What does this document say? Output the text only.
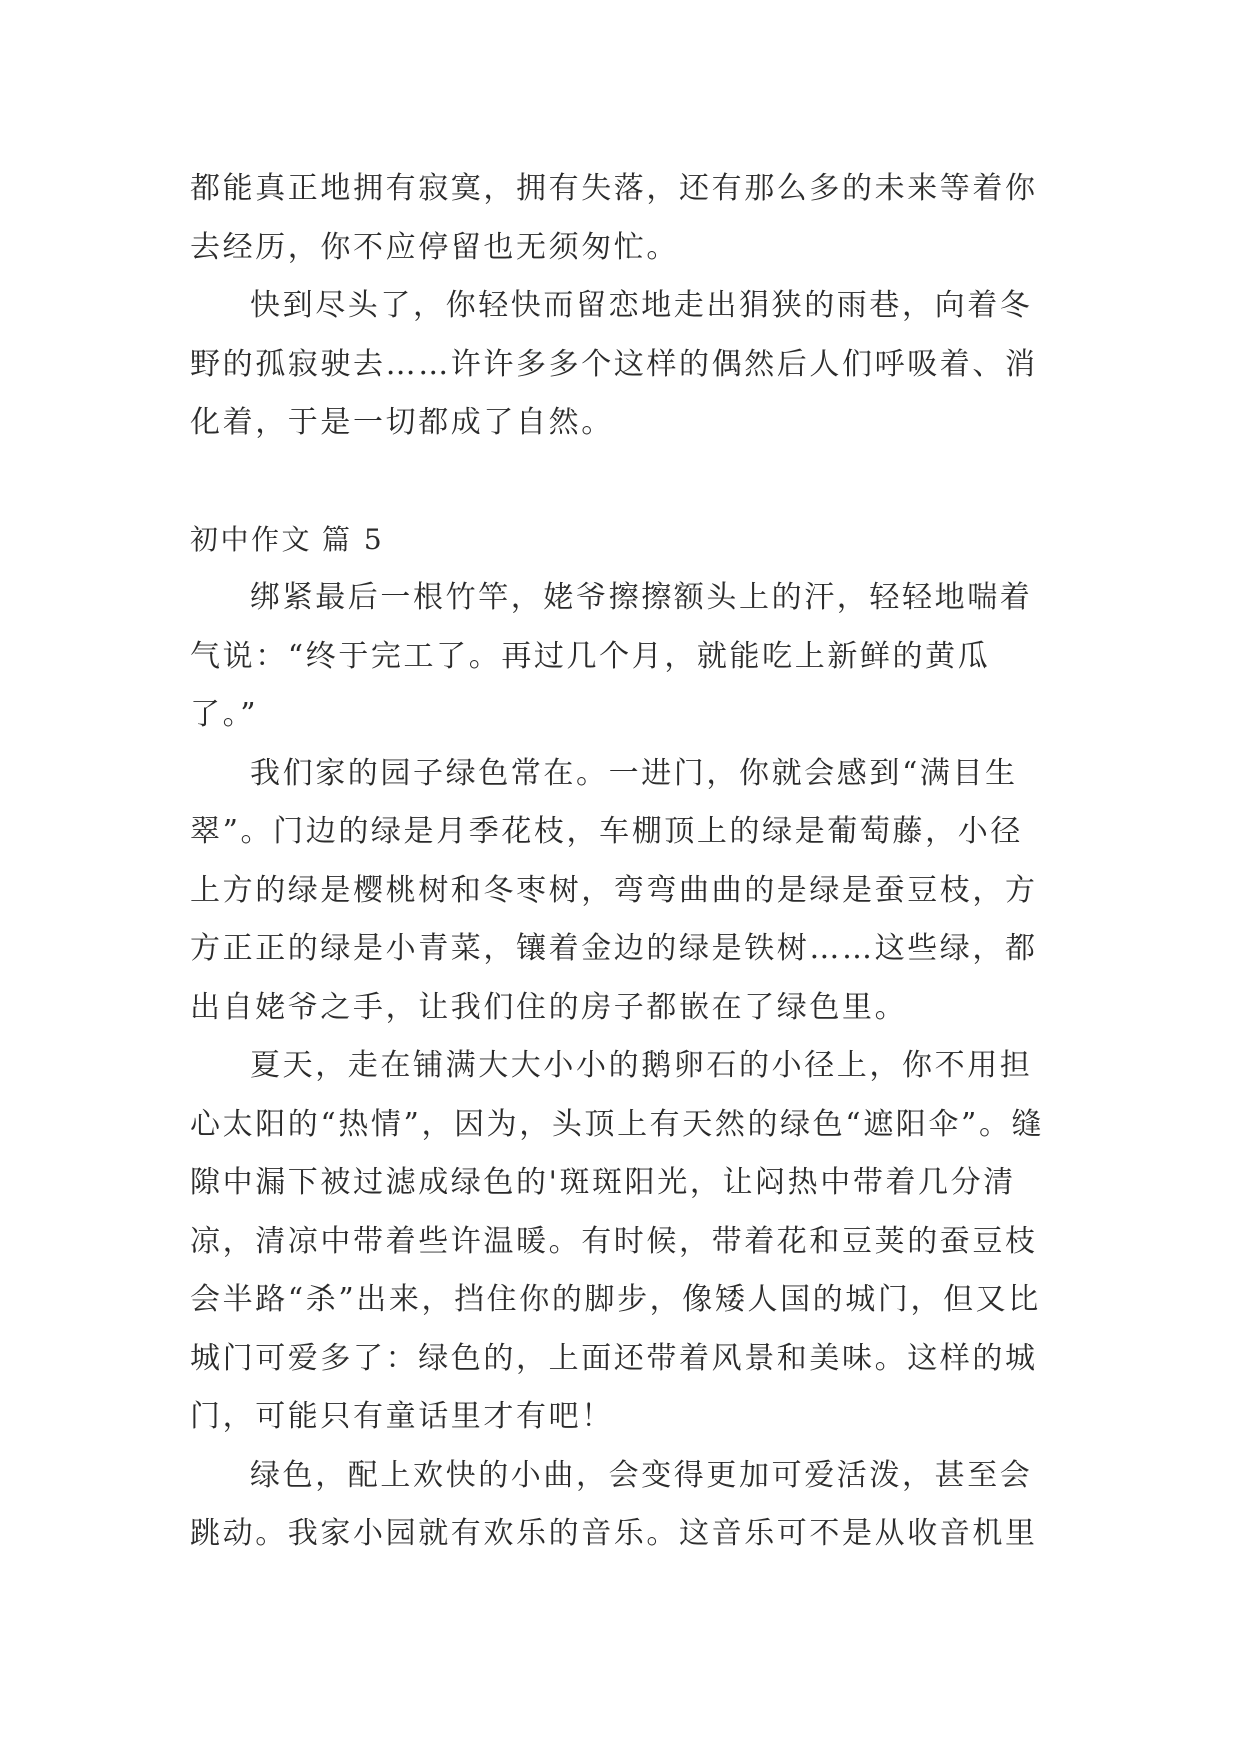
都能真正地拥有寂寞，拥有失落，还有那么多的未来等着你去经历，你不应停留也无须匆忙。

快到尽头了，你轻快而留恋地走出狷狭的雨巷，向着冬野的孤寂驶去……许许多多个这样的偶然后人们呼吸着、消化着，于是一切都成了自然。

初中作文 篇 5

绑紧最后一根竹竿，姥爷擦擦额头上的汗，轻轻地喘着气说：“终于完工了。再过几个月，就能吃上新鲜的黄瓜了。”

我们家的园子绿色常在。一进门，你就会感到“满目生翠”。门边的绿是月季花枝，车棚顶上的绿是葡萄藤，小径上方的绿是樱桃树和冬枣树，弯弯曲曲的是绿是蚕豆枝，方方正正的绿是小青菜，镶着金边的绿是铁树……这些绿，都出自姥爷之手，让我们住的房子都嵌在了绿色里。

夏天，走在铺满大大小小的鹅卵石的小径上，你不用担心太阳的“热情”，因为，头顶上有天然的绿色“遮阳伞”。缝隙中漏下被过滤成绿色的'斑斑阳光，让闷热中带着几分清凉，清凉中带着些许温暖。有时候，带着花和豆荚的蚕豆枝会半路“杀”出来，挡住你的脚步，像矮人国的城门，但又比城门可爱多了：绿色的，上面还带着风景和美味。这样的城门，可能只有童话里才有吧！

绿色，配上欢快的小曲，会变得更加可爱活泼，甚至会跳动。我家小园就有欢乐的音乐。这音乐可不是从收音机里
